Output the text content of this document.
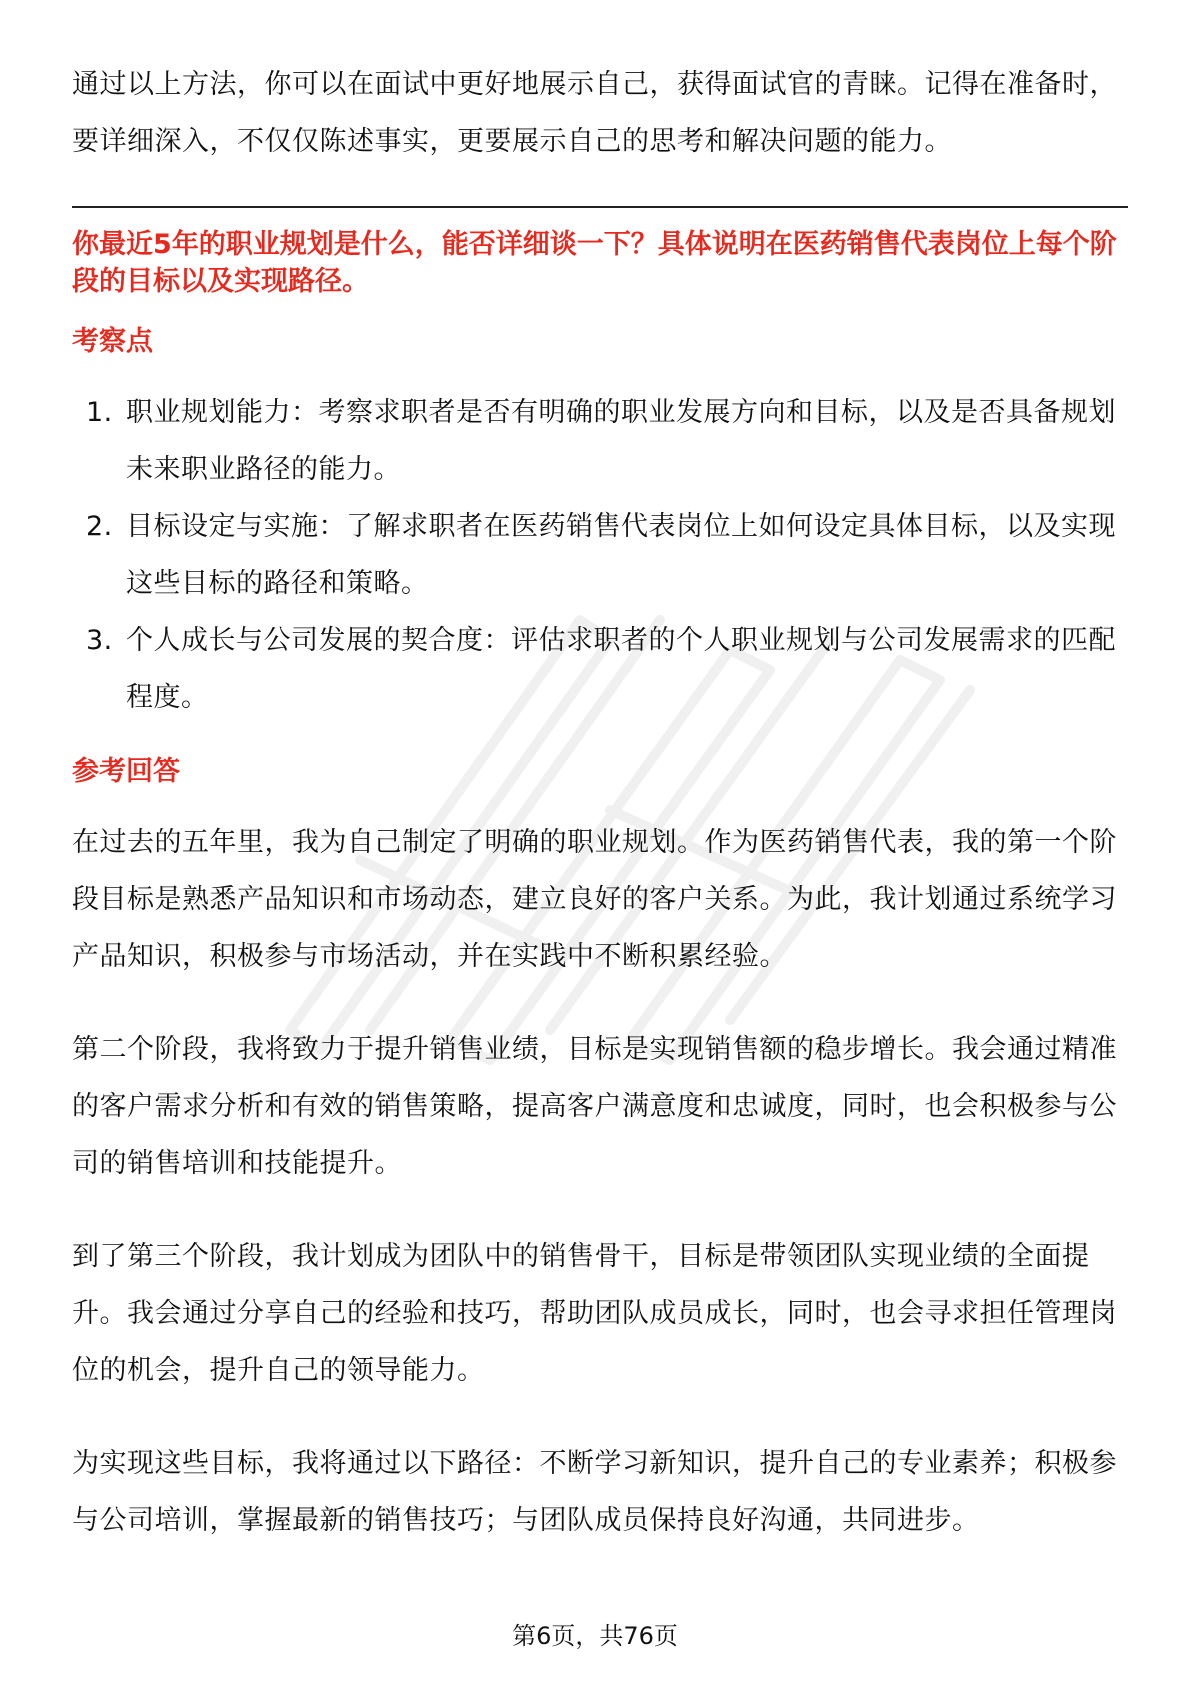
通过以上方法，你可以在面试中更好地展示自己，获得面试官的青睐。记得在准备时，要详细深入，不仅仅陈述事实，更要展示自己的思考和解决问题的能力。

你最近5年的职业规划是什么，能否详细谈一下？具体说明在医药销售代表岗位上每个阶段的目标以及实现路径。

考察点
1. 职业规划能力：考察求职者是否有明确的职业发展方向和目标，以及是否具备规划未来职业路径的能力。
2. 目标设定与实施：了解求职者在医药销售代表岗位上如何设定具体目标，以及实现这些目标的路径和策略。
3. 个人成长与公司发展的契合度：评估求职者的个人职业规划与公司发展需求的匹配程度。
参考回答

在过去的五年里，我为自己制定了明确的职业规划。作为医药销售代表，我的第一个阶段目标是熟悉产品知识和市场动态，建立良好的客户关系。为此，我计划通过系统学习产品知识，积极参与市场活动，并在实践中不断积累经验。

第二个阶段，我将致力于提升销售业绩，目标是实现销售额的稳步增长。我会通过精准的客户需求分析和有效的销售策略，提高客户满意度和忠诚度，同时，也会积极参与公司的销售培训和技能提升。

到了第三个阶段，我计划成为团队中的销售骨干，目标是带领团队实现业绩的全面提升。我会通过分享自己的经验和技巧，帮助团队成员成长，同时，也会寻求担任管理岗位的机会，提升自己的领导能力。

为实现这些目标，我将通过以下路径：不断学习新知识，提升自己的专业素养；积极参与公司培训，掌握最新的销售技巧；与团队成员保持良好沟通，共同进步。

第6页，共76页
